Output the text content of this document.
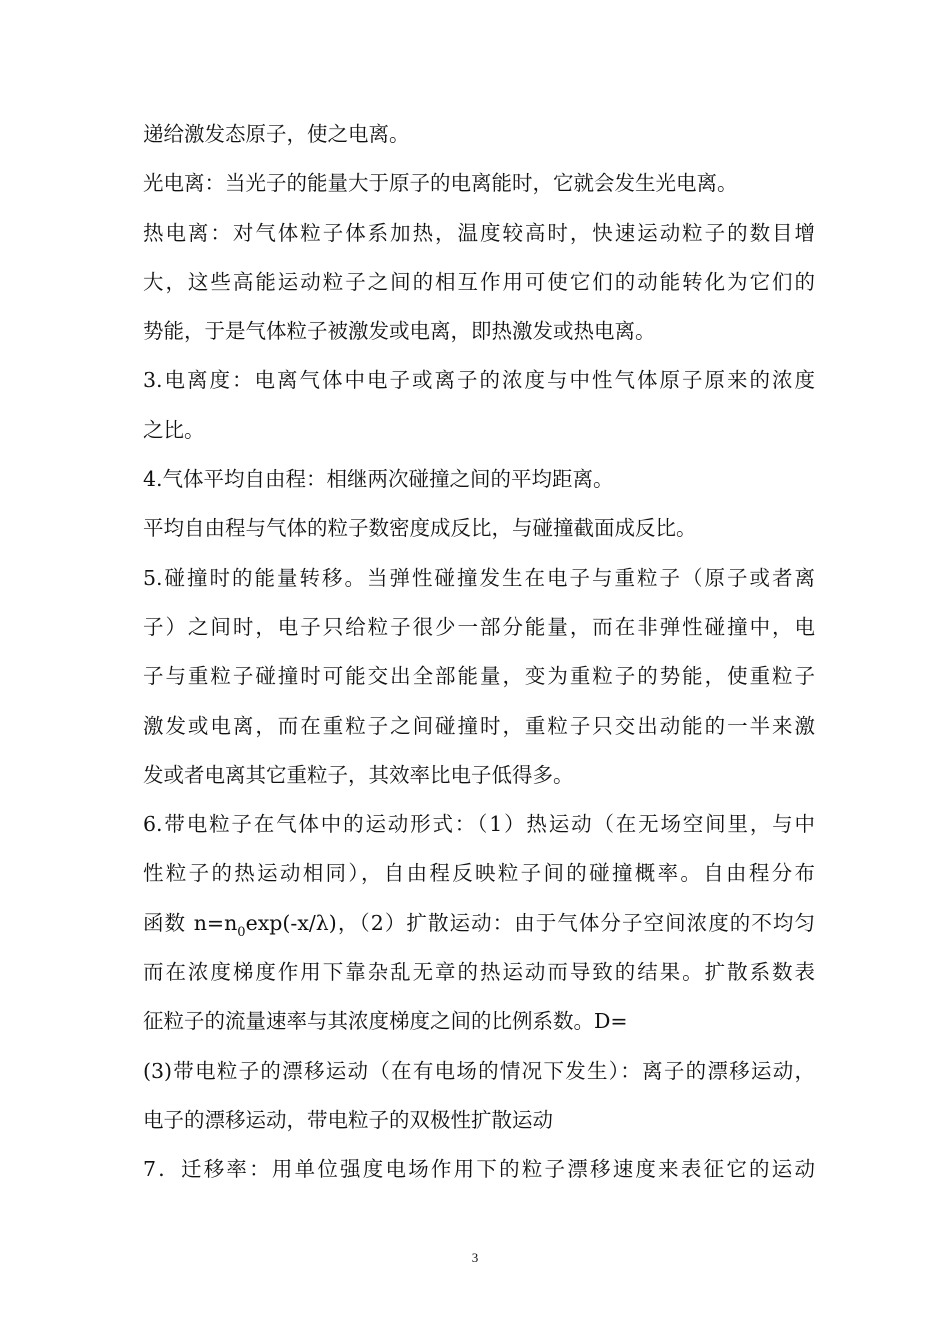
递给激发态原子，使之电离。
光电离：当光子的能量大于原子的电离能时，它就会发生光电离。
热电离：对气体粒子体系加热，温度较高时，快速运动粒子的数目增
大，这些高能运动粒子之间的相互作用可使它们的动能转化为它们的
势能，于是气体粒子被激发或电离，即热激发或热电离。
3.电离度：电离气体中电子或离子的浓度与中性气体原子原来的浓度
之比。
4.气体平均自由程：相继两次碰撞之间的平均距离。
平均自由程与气体的粒子数密度成反比，与碰撞截面成反比。
5.碰撞时的能量转移。当弹性碰撞发生在电子与重粒子（原子或者离
子）之间时，电子只给粒子很少一部分能量，而在非弹性碰撞中，电
子与重粒子碰撞时可能交出全部能量，变为重粒子的势能，使重粒子
激发或电离，而在重粒子之间碰撞时，重粒子只交出动能的一半来激
发或者电离其它重粒子，其效率比电子低得多。
6.带电粒子在气体中的运动形式：（1）热运动（在无场空间里，与中
性粒子的热运动相同），自由程反映粒子间的碰撞概率。自由程分布
函数 $n=n_0\exp(-x/\lambda)$，（2）扩散运动：由于气体分子空间浓度的不均匀
而在浓度梯度作用下靠杂乱无章的热运动而导致的结果。扩散系数表
征粒子的流量速率与其浓度梯度之间的比例系数。D=
(3)带电粒子的漂移运动（在有电场的情况下发生）：离子的漂移运动，
电子的漂移运动，带电粒子的双极性扩散运动
7．迁移率：用单位强度电场作用下的粒子漂移速度来表征它的运动
3
